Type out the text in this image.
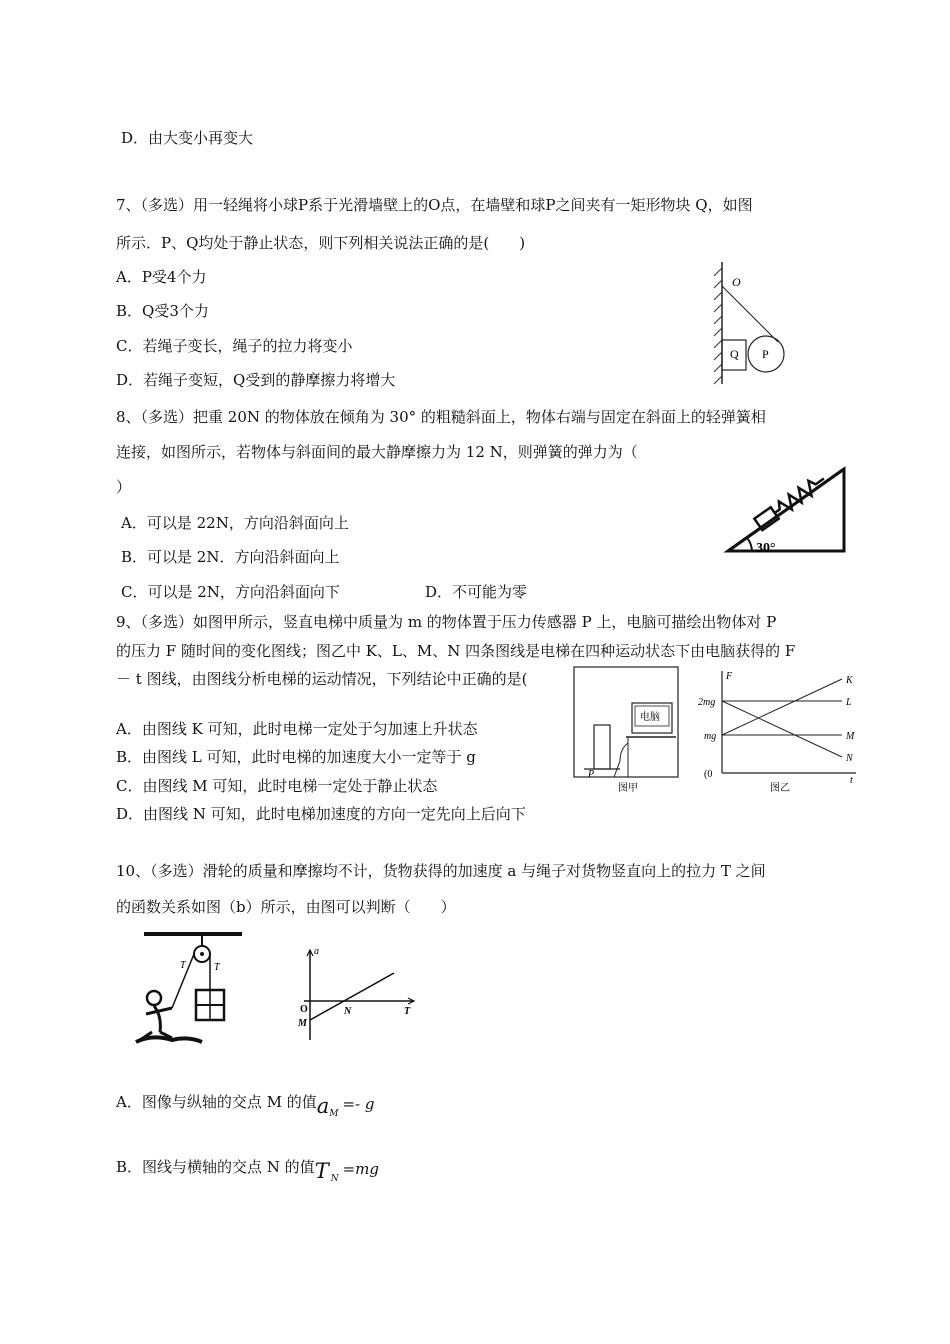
D．由大变小再变大
7、（多选）用一轻绳将小球P系于光滑墙壁上的O点，在墙壁和球P之间夹有一矩形物块 Q，如图
所示．P、Q均处于静止状态，则下列相关说法正确的是(　　)
A．P受4个力
B．Q受3个力
C．若绳子变长，绳子的拉力将变小
D．若绳子变短，Q受到的静摩擦力将增大
O
Q P
8、（多选）把重 20N 的物体放在倾角为 30° 的粗糙斜面上，物体右端与固定在斜面上的轻弹簧相
连接，如图所示，若物体与斜面间的最大静摩擦力为 12 N，则弹簧的弹力为（
）
A．可以是 22N，方向沿斜面向上
B．可以是 2N．方向沿斜面向上
C．可以是 2N，方向沿斜面向下	D．不可能为零
30°
9、（多选）如图甲所示，竖直电梯中质量为 m 的物体置于压力传感器 P 上，电脑可描绘出物体对 P
的压力 F 随时间的变化图线；图乙中 K、L、M、N 四条图线是电梯在四种运动状态下由电脑获得的 F
－ t 图线，由图线分析电梯的运动情况，下列结论中正确的是(
A．由图线 K 可知，此时电梯一定处于匀加速上升状态
B．由图线 L 可知，此时电梯的加速度大小一定等于 g
C．由图线 M 可知，此时电梯一定处于静止状态
D．由图线 N 可知，此时电梯加速度的方向一定先向上后向下
电脑
P
图甲
F
t
(0
2mg
mg
K
L
M
N
图乙
10、（多选）滑轮的质量和摩擦均不计，货物获得的加速度 a 与绳子对货物竖直向上的拉力 T 之间
的函数关系如图（b）所示，由图可以判断（　　）
T	T
a
O	N
M
T
A．图像与纵轴的交点 M 的值$a_M=-$ g
B．图线与横轴的交点 N 的值T $_N$=mg
